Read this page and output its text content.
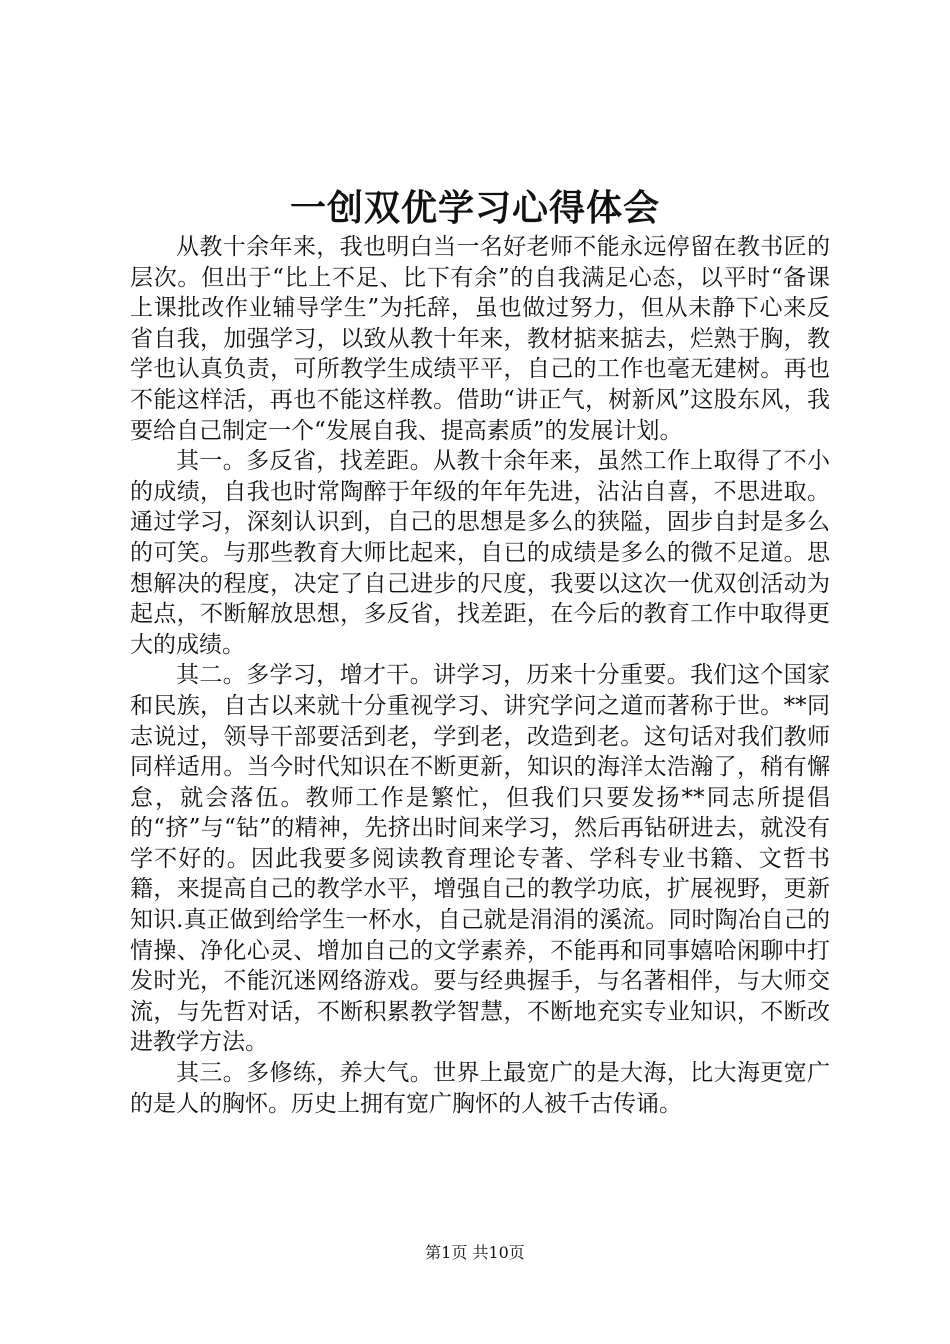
一创双优学习心得体会

从教十余年来，我也明白当一名好老师不能永远停留在教书匠的层次。但出于“比上不足、比下有余”的自我满足心态，以平时“备课上课批改作业辅导学生”为托辞，虽也做过努力，但从未静下心来反省自我，加强学习，以致从教十年来，教材掂来掂去，烂熟于胸，教学也认真负责，可所教学生成绩平平，自己的工作也毫无建树。再也不能这样活，再也不能这样教。借助“讲正气，树新风”这股东风，我要给自己制定一个“发展自我、提高素质”的发展计划。

其一。多反省，找差距。从教十余年来，虽然工作上取得了不小的成绩，自我也时常陶醉于年级的年年先进，沾沾自喜，不思进取。通过学习，深刻认识到，自己的思想是多么的狭隘，固步自封是多么的可笑。与那些教育大师比起来，自已的成绩是多么的微不足道。思想解决的程度，决定了自己进步的尺度，我要以这次一优双创活动为起点，不断解放思想，多反省，找差距，在今后的教育工作中取得更大的成绩。

其二。多学习，增才干。讲学习，历来十分重要。我们这个国家和民族，自古以来就十分重视学习、讲究学问之道而著称于世。**同志说过，领导干部要活到老，学到老，改造到老。这句话对我们教师同样适用。当今时代知识在不断更新，知识的海洋太浩瀚了，稍有懈怠，就会落伍。教师工作是繁忙，但我们只要发扬**同志所提倡的“挤”与“钻”的精神，先挤出时间来学习，然后再钻研进去，就没有学不好的。因此我要多阅读教育理论专著、学科专业书籍、文哲书籍，来提高自己的教学水平，增强自己的教学功底，扩展视野，更新知识.真正做到给学生一杯水，自己就是涓涓的溪流。同时陶冶自己的情操、净化心灵、增加自己的文学素养，不能再和同事嬉哈闲聊中打发时光，不能沉迷网络游戏。要与经典握手，与名著相伴，与大师交流，与先哲对话，不断积累教学智慧，不断地充实专业知识，不断改进教学方法。

其三。多修练，养大气。世界上最宽广的是大海，比大海更宽广的是人的胸怀。历史上拥有宽广胸怀的人被千古传诵。

第1页 共10页
